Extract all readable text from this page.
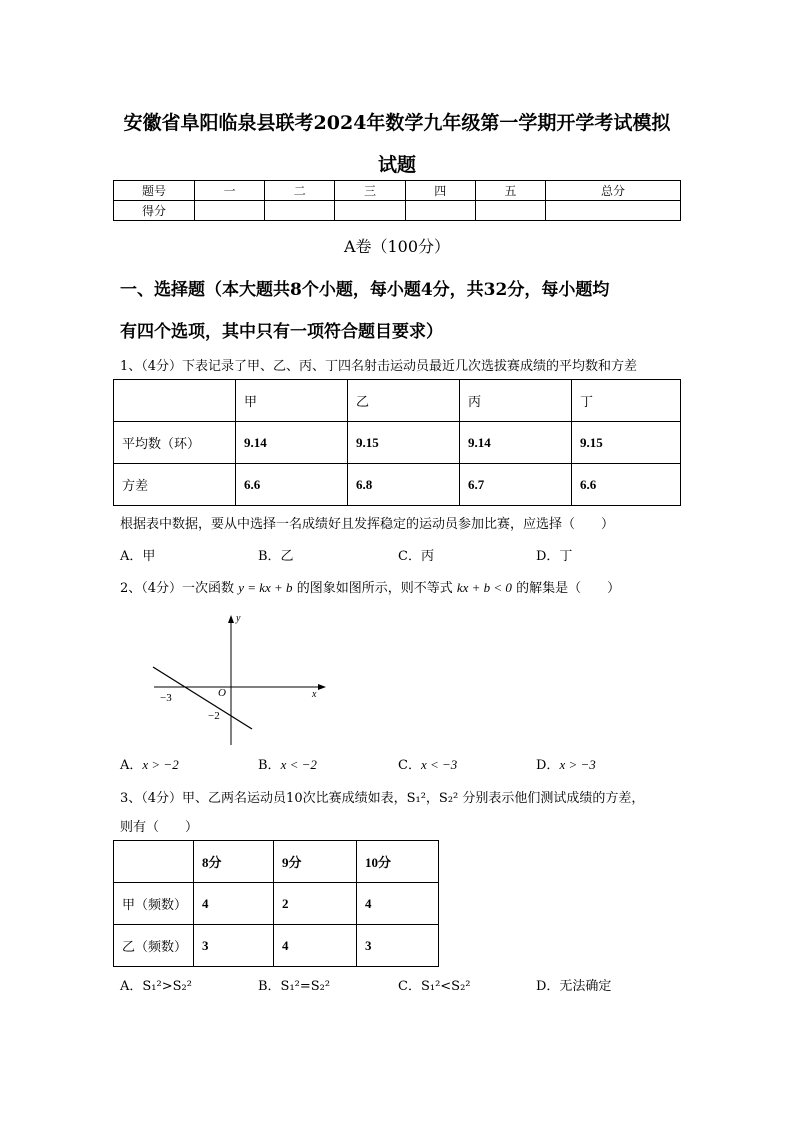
安徽省阜阳临泉县联考2024年数学九年级第一学期开学考试模拟
试题
题号	一	二	三	四	五	总分
得分						
A卷（100分）
一、选择题（本大题共8个小题，每小题4分，共32分，每小题均
有四个选项，其中只有一项符合题目要求）
1、（4分）下表记录了甲、乙、丙、丁四名射击运动员最近几次选拔赛成绩的平均数和方差
	甲	乙	丙	丁
平均数（环）	9.14	9.15	9.14	9.15
方差	6.6	6.8	6.7	6.6
根据表中数据，要从中选择一名成绩好且发挥稳定的运动员参加比赛，应选择（　　）
A．甲	B．乙	C．丙	D．丁
2、（4分）一次函数 y = kx + b 的图象如图所示，则不等式 kx + b < 0 的解集是（　　）
y
x
O
−3
−2
A．x > −2	B．x < −2	C．x < −3	D．x > −3
3、（4分）甲、乙两名运动员10次比赛成绩如表，S₁²，S₂² 分别表示他们测试成绩的方差，
则有（　　）
	8分	9分	10分
甲（频数）	4	2	4
乙（频数）	3	4	3
A．S₁²>S₂²	B．S₁²=S₂²	C．S₁²<S₂²	D．无法确定
